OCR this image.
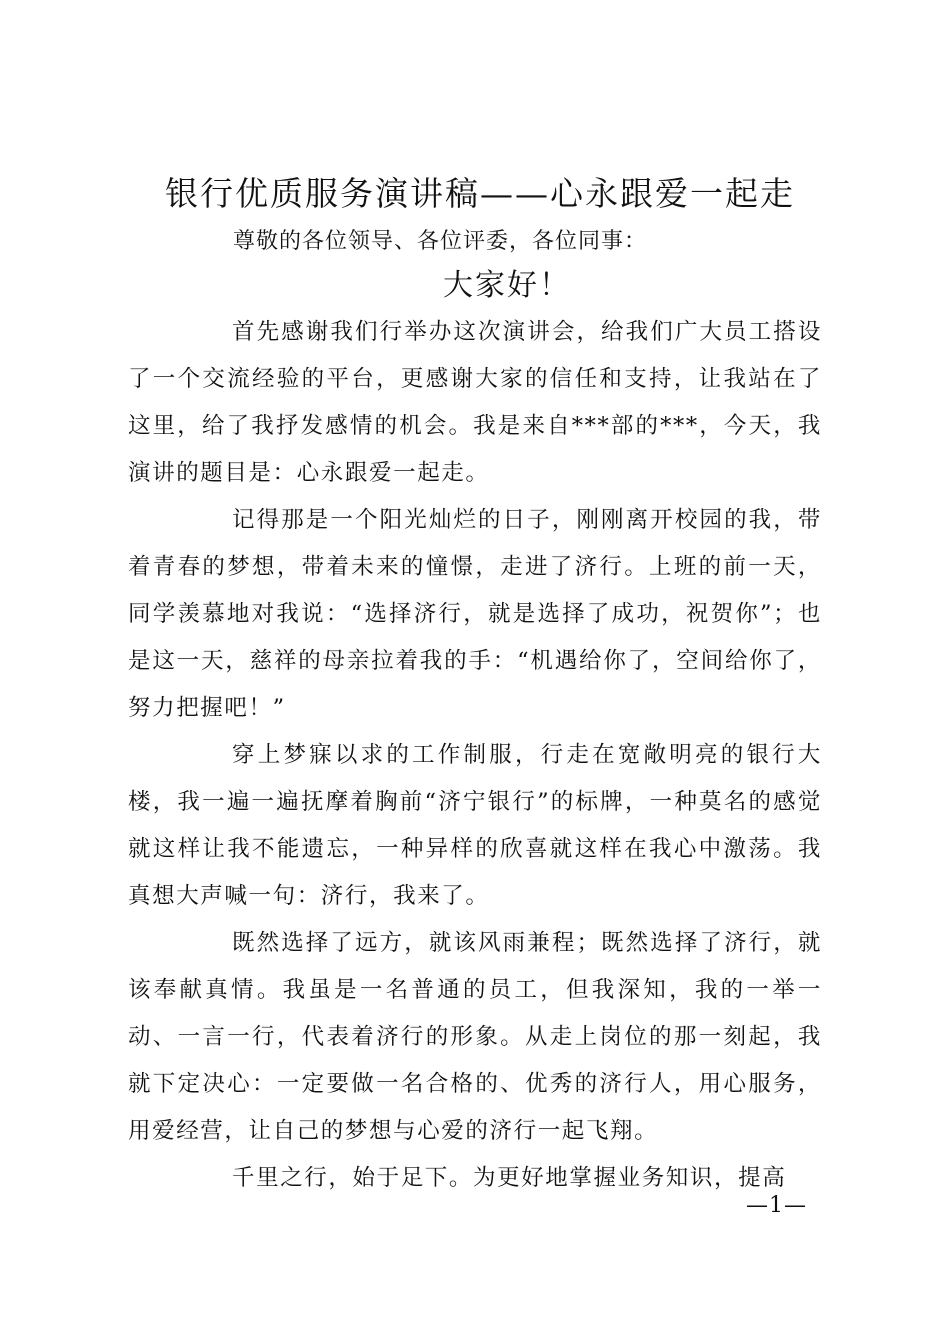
银行优质服务演讲稿——心永跟爱一起走
尊敬的各位领导、各位评委，各位同事：
大家好！

首先感谢我们行举办这次演讲会，给我们广大员工搭设了一个交流经验的平台，更感谢大家的信任和支持，让我站在了这里，给了我抒发感情的机会。我是来自***部的***，今天，我演讲的题目是：心永跟爱一起走。

记得那是一个阳光灿烂的日子，刚刚离开校园的我，带着青春的梦想，带着未来的憧憬，走进了济行。上班的前一天，同学羡慕地对我说：“选择济行，就是选择了成功，祝贺你”；也是这一天，慈祥的母亲拉着我的手：“机遇给你了，空间给你了，努力把握吧！”

穿上梦寐以求的工作制服，行走在宽敞明亮的银行大楼，我一遍一遍抚摩着胸前“济宁银行”的标牌，一种莫名的感觉就这样让我不能遗忘，一种异样的欣喜就这样在我心中激荡。我真想大声喊一句：济行，我来了。

既然选择了远方，就该风雨兼程；既然选择了济行，就该奉献真情。我虽是一名普通的员工，但我深知，我的一举一动、一言一行，代表着济行的形象。从走上岗位的那一刻起，我就下定决心：一定要做一名合格的、优秀的济行人，用心服务，用爱经营，让自己的梦想与心爱的济行一起飞翔。

千里之行，始于足下。为更好地掌握业务知识，提高

—1—
